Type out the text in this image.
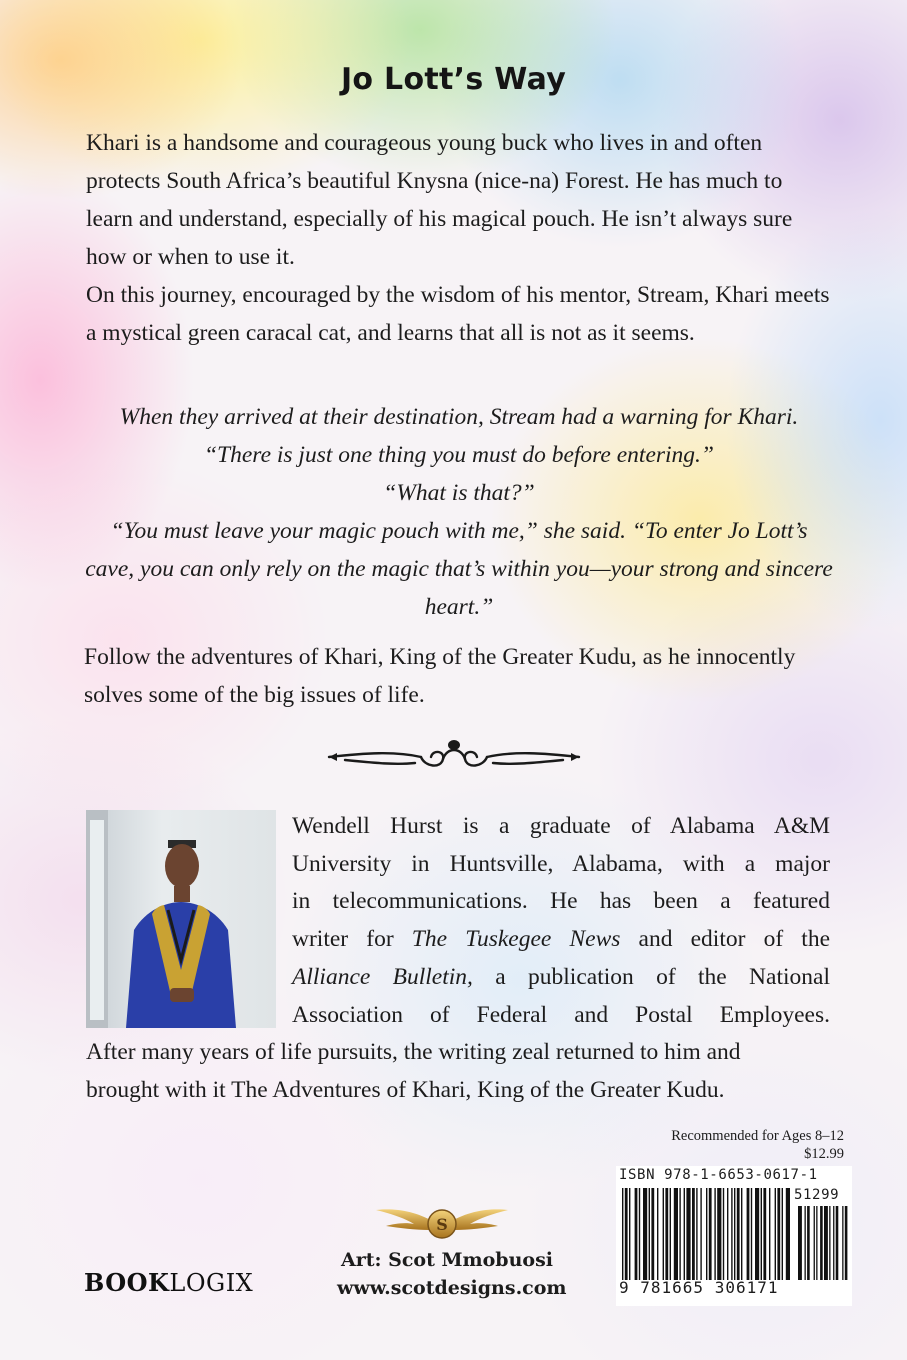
Jo Lott’s Way

Khari is a handsome and courageous young buck who lives in and often protects South Africa’s beautiful Knysna (nice-na) Forest. He has much to learn and understand, especially of his magical pouch. He isn’t always sure how or when to use it.

On this journey, encouraged by the wisdom of his mentor, Stream, Khari meets a mystical green caracal cat, and learns that all is not as it seems.

When they arrived at their destination, Stream had a warning for Khari. “There is just one thing you must do before entering.”

“What is that?”

“You must leave your magic pouch with me,” she said. “To enter Jo Lott’s cave, you can only rely on the magic that’s within you—your strong and sincere heart.”

Follow the adventures of Khari, King of the Greater Kudu, as he innocently solves some of the big issues of life.

Wendell Hurst is a graduate of Alabama A&M
University in Huntsville, Alabama, with a major
in telecommunications. He has been a featured
writer for The Tuskegee News and editor of the
Alliance Bulletin, a publication of the National
Association of Federal and Postal Employees.
After many years of life pursuits, the writing zeal returned to him and
brought with it The Adventures of Khari, King of the Greater Kudu.
Recommended for Ages 8–12
$12.99
ISBN 978-1-6653-0617-1
51299
9 781665 306171
BOOKLOGIX
S
Art: Scot Mmobuosi
www.scotdesigns.com
